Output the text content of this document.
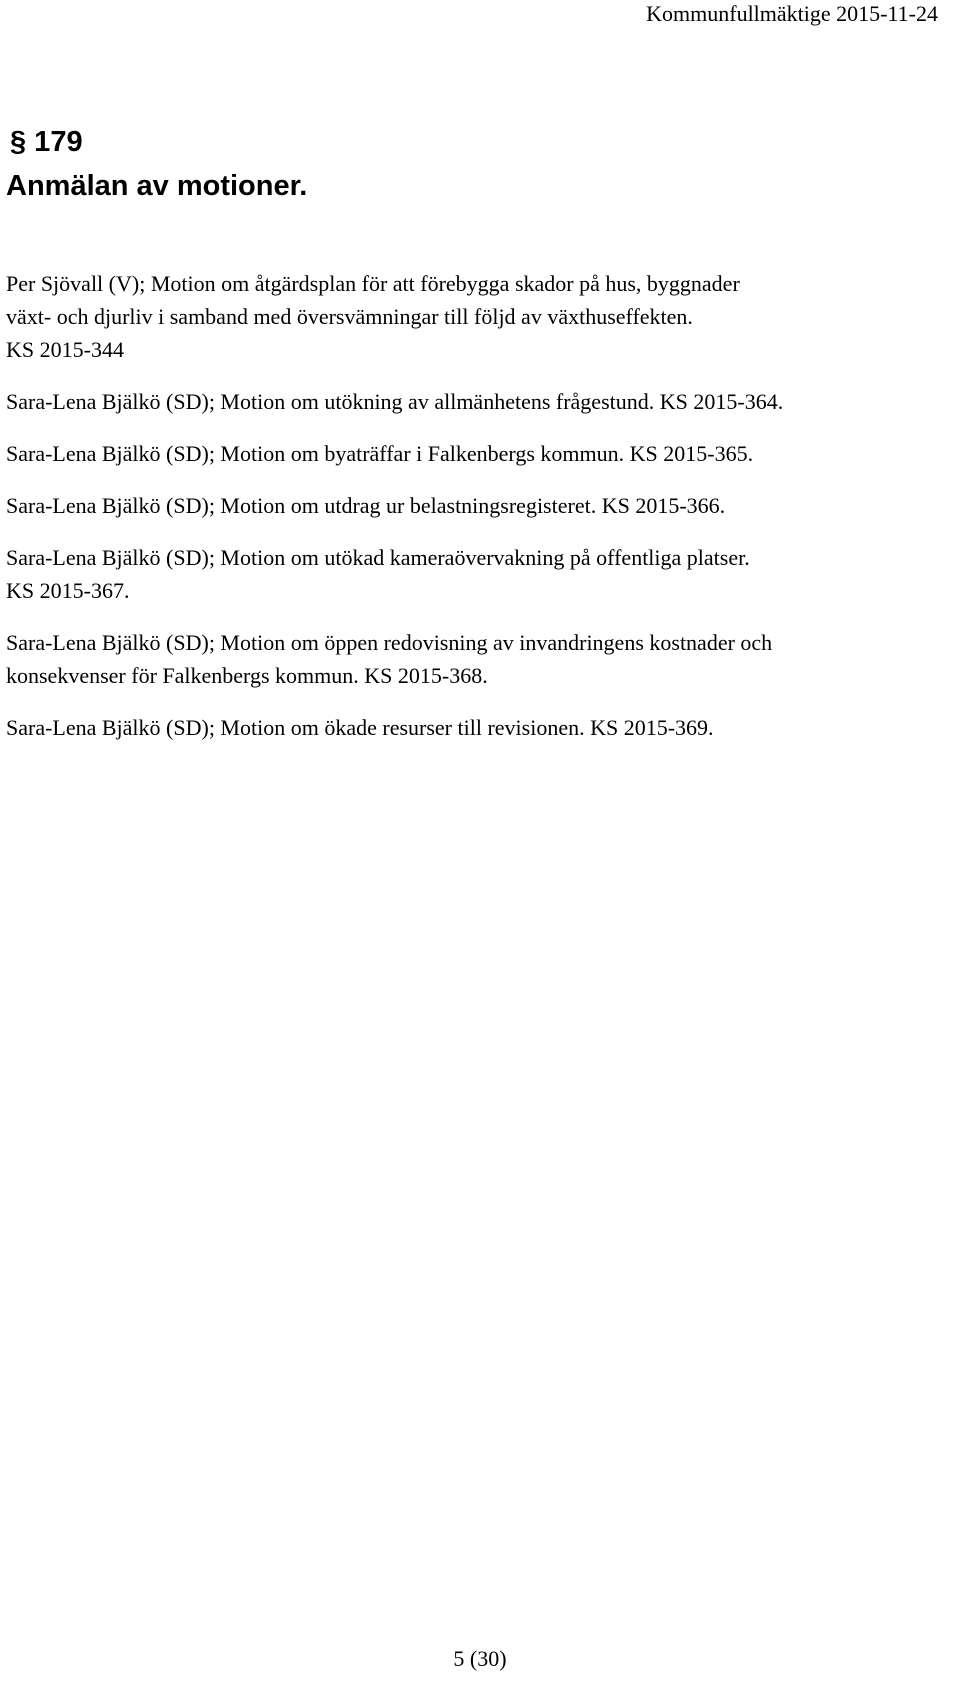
Kommunfullmäktige 2015-11-24
§ 179
Anmälan av motioner.

Per Sjövall (V); Motion om åtgärdsplan för att förebygga skador på hus, byggnader
växt- och djurliv i samband med översvämningar till följd av växthuseffekten.
KS 2015-344

Sara-Lena Bjälkö (SD); Motion om utökning av allmänhetens frågestund. KS 2015-364.

Sara-Lena Bjälkö (SD); Motion om byaträffar i Falkenbergs kommun. KS 2015-365.

Sara-Lena Bjälkö (SD); Motion om utdrag ur belastningsregisteret. KS 2015-366.

Sara-Lena Bjälkö (SD); Motion om utökad kameraövervakning på offentliga platser.
KS 2015-367.

Sara-Lena Bjälkö (SD); Motion om öppen redovisning av invandringens kostnader och
konsekvenser för Falkenbergs kommun. KS 2015-368.

Sara-Lena Bjälkö (SD); Motion om ökade resurser till revisionen. KS 2015-369.

5 (30)
